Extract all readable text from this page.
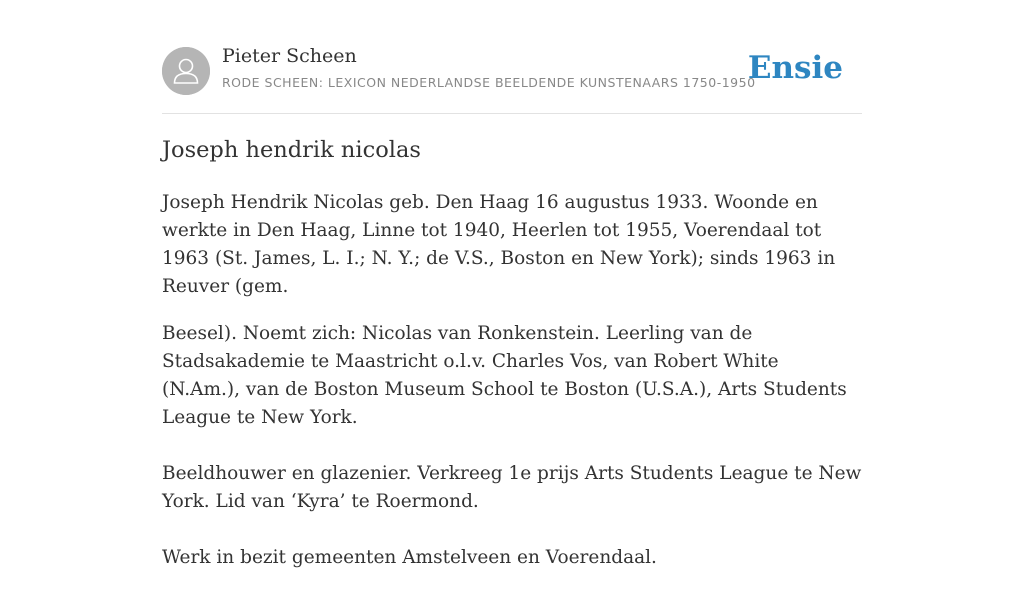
Pieter Scheen
RODE SCHEEN: LEXICON NEDERLANDSE BEELDENDE KUNSTENAARS 1750-1950
Ensie
Joseph hendrik nicolas

Joseph Hendrik Nicolas geb. Den Haag 16 augustus 1933. Woonde en werkte in Den Haag, Linne tot 1940, Heerlen tot 1955, Voerendaal tot 1963 (St. James, L. I.; N. Y.; de V.S., Boston en New York); sinds 1963 in Reuver (gem.

Beesel). Noemt zich: Nicolas van Ronkenstein. Leerling van de Stadsakademie te Maastricht o.l.v. Charles Vos, van Robert White (N.Am.), van de Boston Museum School te Boston (U.S.A.), Arts Students League te New York.

Beeldhouwer en glazenier. Verkreeg 1e prijs Arts Students League te New York. Lid van ‘Kyra’ te Roermond.

Werk in bezit gemeenten Amstelveen en Voerendaal.
